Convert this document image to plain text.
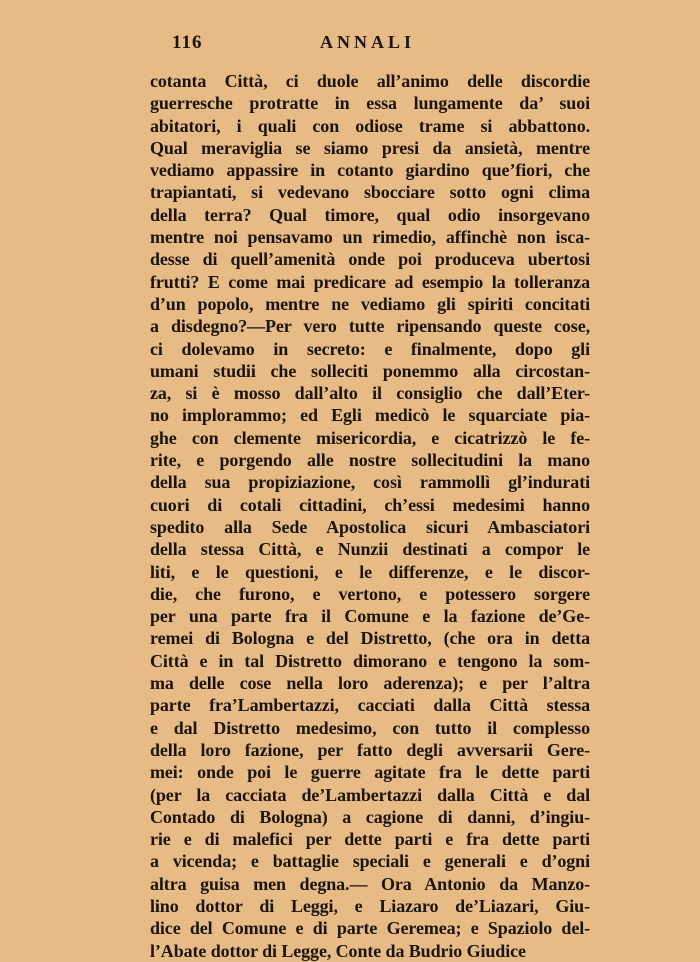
116	ANNALI
cotanta Città, ci duole all’animo delle discordie
guerresche protratte in essa lungamente da’ suoi
abitatori, i quali con odiose trame si abbattono.
Qual meraviglia se siamo presi da ansietà, mentre
vediamo appassire in cotanto giardino que’fiori, che
trapiantati, si vedevano sbocciare sotto ogni clima
della terra? Qual timore, qual odio insorgevano
mentre noi pensavamo un rimedio, affinchè non isca-
desse di quell’amenità onde poi produceva ubertosi
frutti? E come mai predicare ad esempio la tolleranza
d’un popolo, mentre ne vediamo gli spiriti concitati
a disdegno?—Per vero tutte ripensando queste cose,
ci dolevamo in secreto: e finalmente, dopo gli
umani studii che solleciti ponemmo alla circostan-
za, si è mosso dall’alto il consiglio che dall’Eter-
no implorammo; ed Egli medicò le squarciate pia-
ghe con clemente misericordia, e cicatrizzò le fe-
rite, e porgendo alle nostre sollecitudini la mano
della sua propiziazione, così rammollì gl’indurati
cuori di cotali cittadini, ch’essi medesimi hanno
spedito alla Sede Apostolica sicuri Ambasciatori
della stessa Città, e Nunzii destinati a compor le
liti, e le questioni, e le differenze, e le discor-
die, che furono, e vertono, e potessero sorgere
per una parte fra il Comune e la fazione de’Ge-
remei di Bologna e del Distretto, (che ora in detta
Città e in tal Distretto dimorano e tengono la som-
ma delle cose nella loro aderenza); e per l’altra
parte fra’Lambertazzi, cacciati dalla Città stessa
e dal Distretto medesimo, con tutto il complesso
della loro fazione, per fatto degli avversarii Gere-
mei: onde poi le guerre agitate fra le dette parti
(per la cacciata de’Lambertazzi dalla Città e dal
Contado di Bologna) a cagione di danni, d’ingiu-
rie e di malefici per dette parti e fra dette parti
a vicenda; e battaglie speciali e generali e d’ogni
altra guisa men degna.— Ora Antonio da Manzo-
lino dottor di Leggi, e Liazaro de’Liazari, Giu-
dice del Comune e di parte Geremea; e Spaziolo del-
l’Abate dottor di Legge, Conte da Budrio Giudice
